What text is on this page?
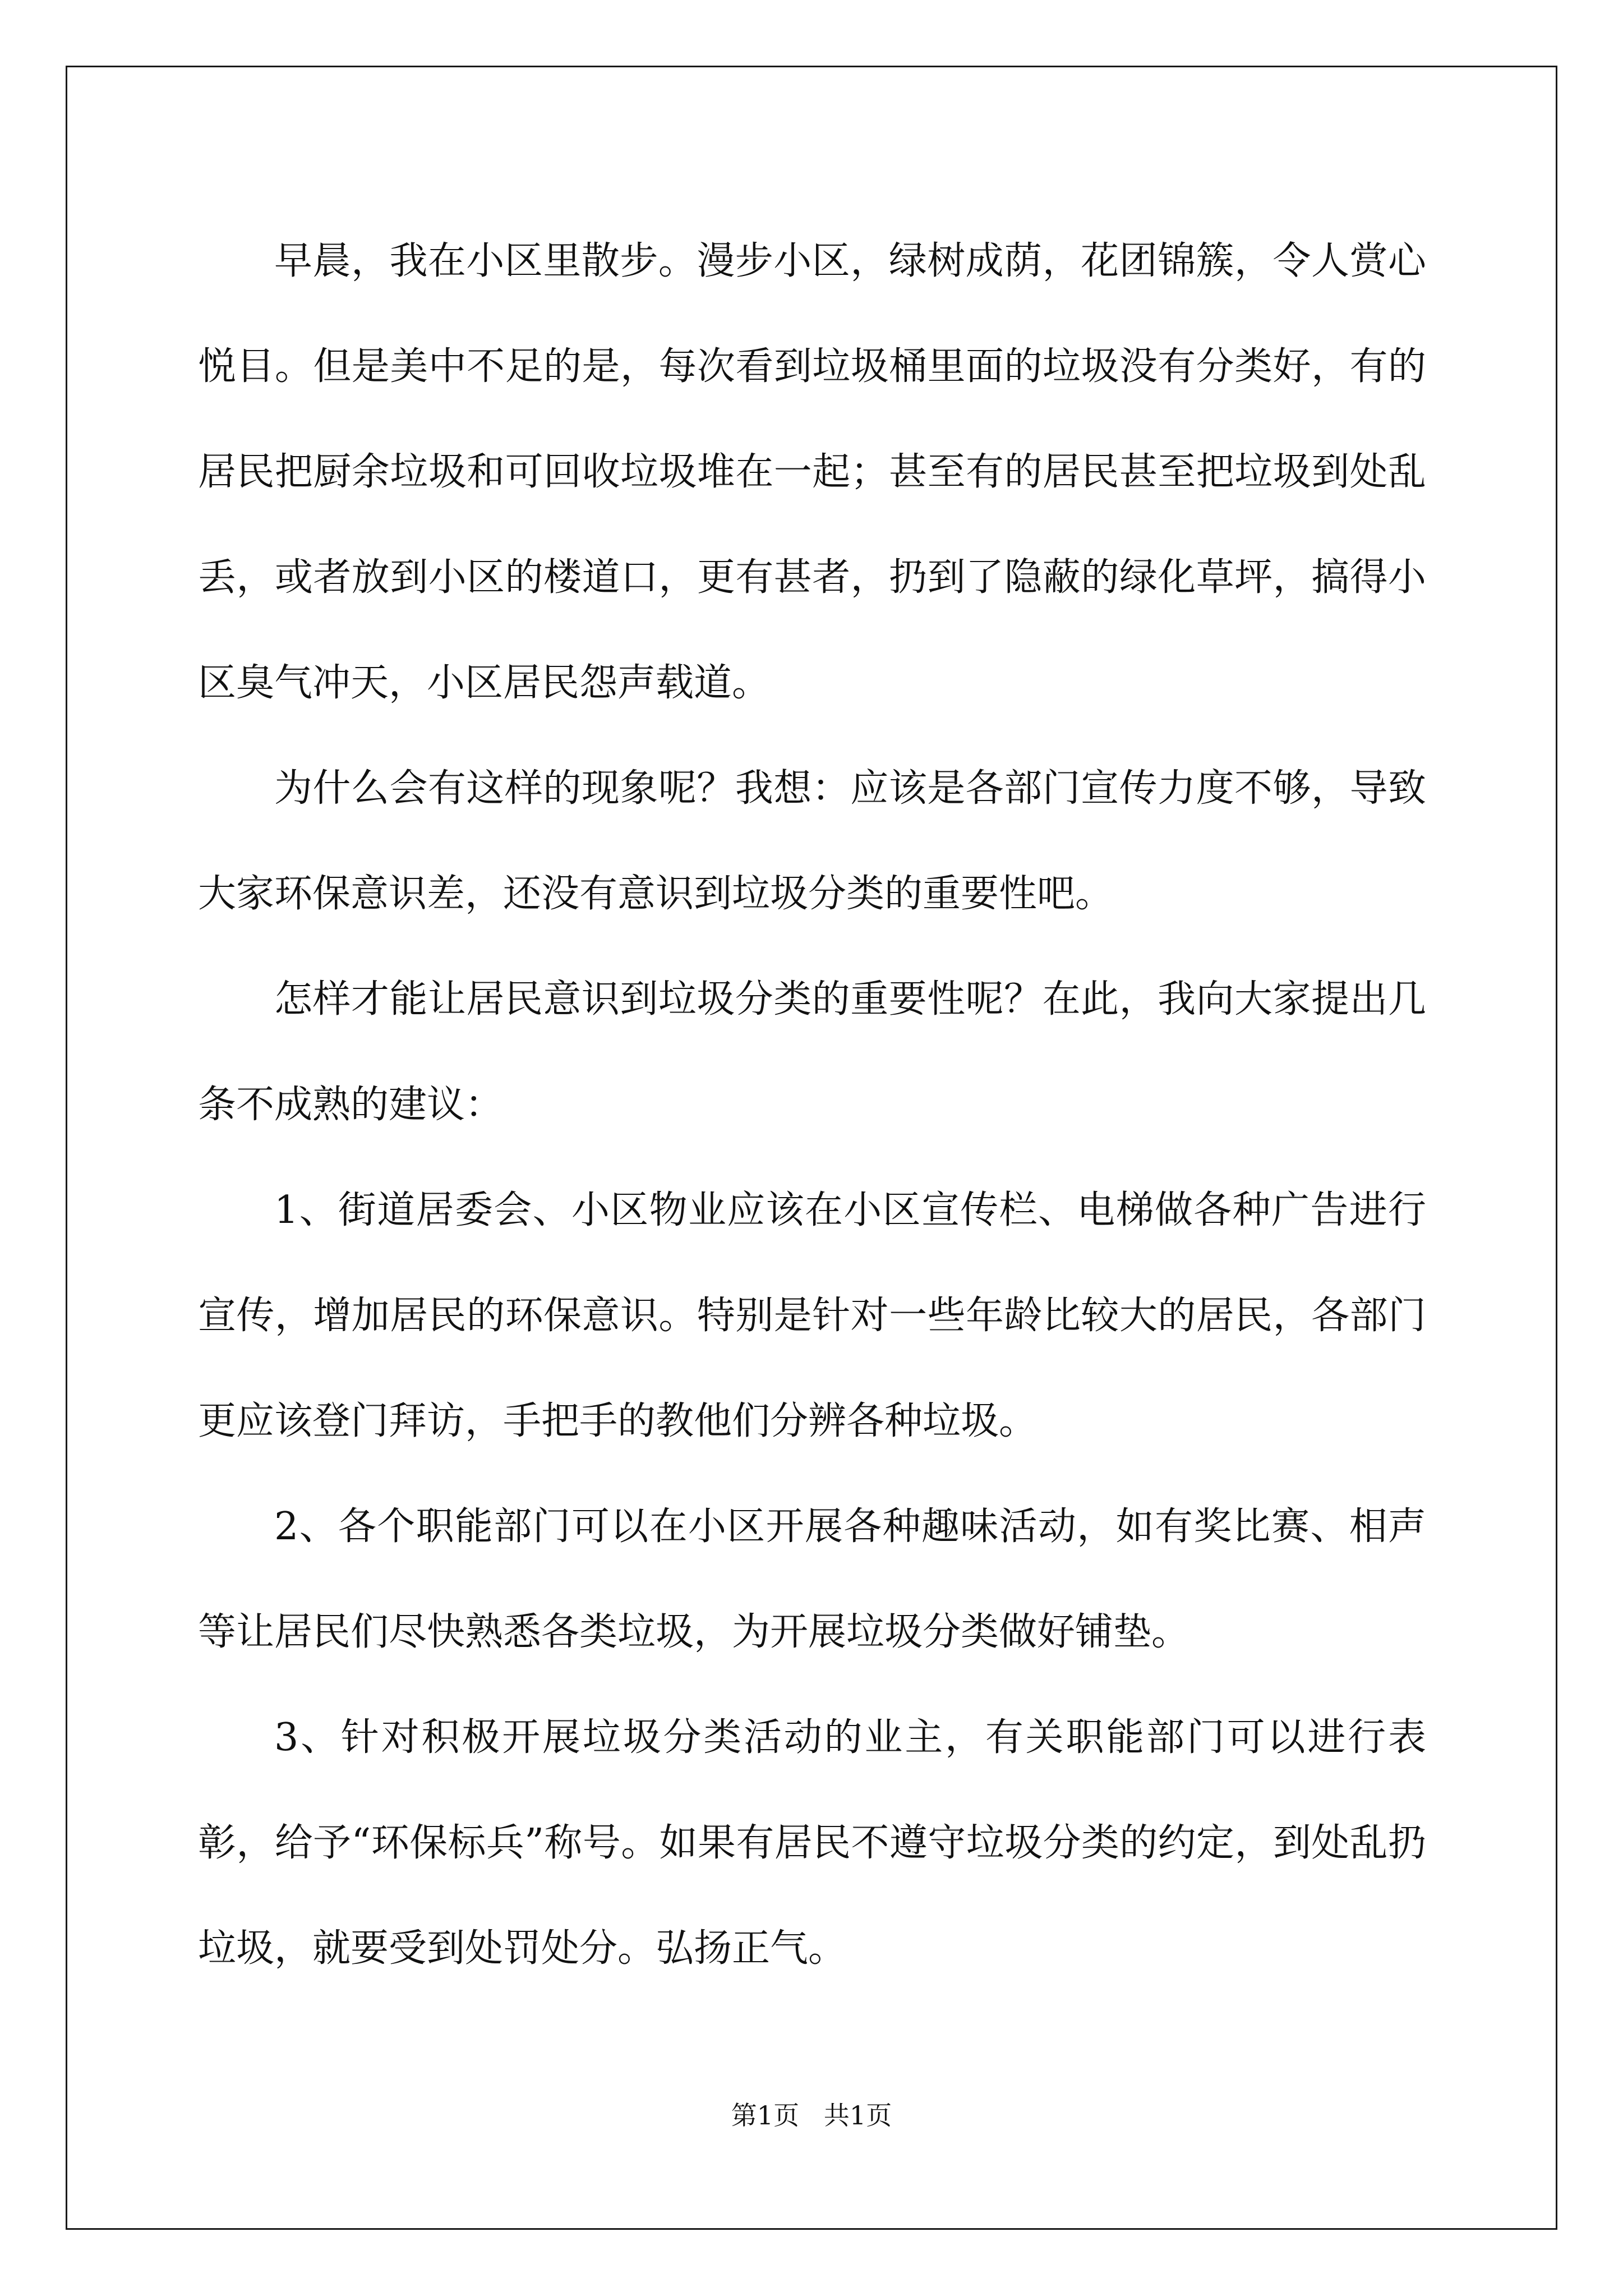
早晨，我在小区里散步。漫步小区，绿树成荫，花团锦簇，令人赏心悦目。但是美中不足的是，每次看到垃圾桶里面的垃圾没有分类好，有的居民把厨余垃圾和可回收垃圾堆在一起；甚至有的居民甚至把垃圾到处乱丢，或者放到小区的楼道口，更有甚者，扔到了隐蔽的绿化草坪，搞得小区臭气冲天，小区居民怨声载道。

为什么会有这样的现象呢？我想：应该是各部门宣传力度不够，导致大家环保意识差，还没有意识到垃圾分类的重要性吧。

怎样才能让居民意识到垃圾分类的重要性呢？在此，我向大家提出几条不成熟的建议：

1、街道居委会、小区物业应该在小区宣传栏、电梯做各种广告进行宣传，增加居民的环保意识。特别是针对一些年龄比较大的居民，各部门更应该登门拜访，手把手的教他们分辨各种垃圾。

2、各个职能部门可以在小区开展各种趣味活动，如有奖比赛、相声等让居民们尽快熟悉各类垃圾，为开展垃圾分类做好铺垫。

3、针对积极开展垃圾分类活动的业主，有关职能部门可以进行表彰，给予“环保标兵”称号。如果有居民不遵守垃圾分类的约定，到处乱扔垃圾，就要受到处罚处分。弘扬正气。

第1页   共1页
